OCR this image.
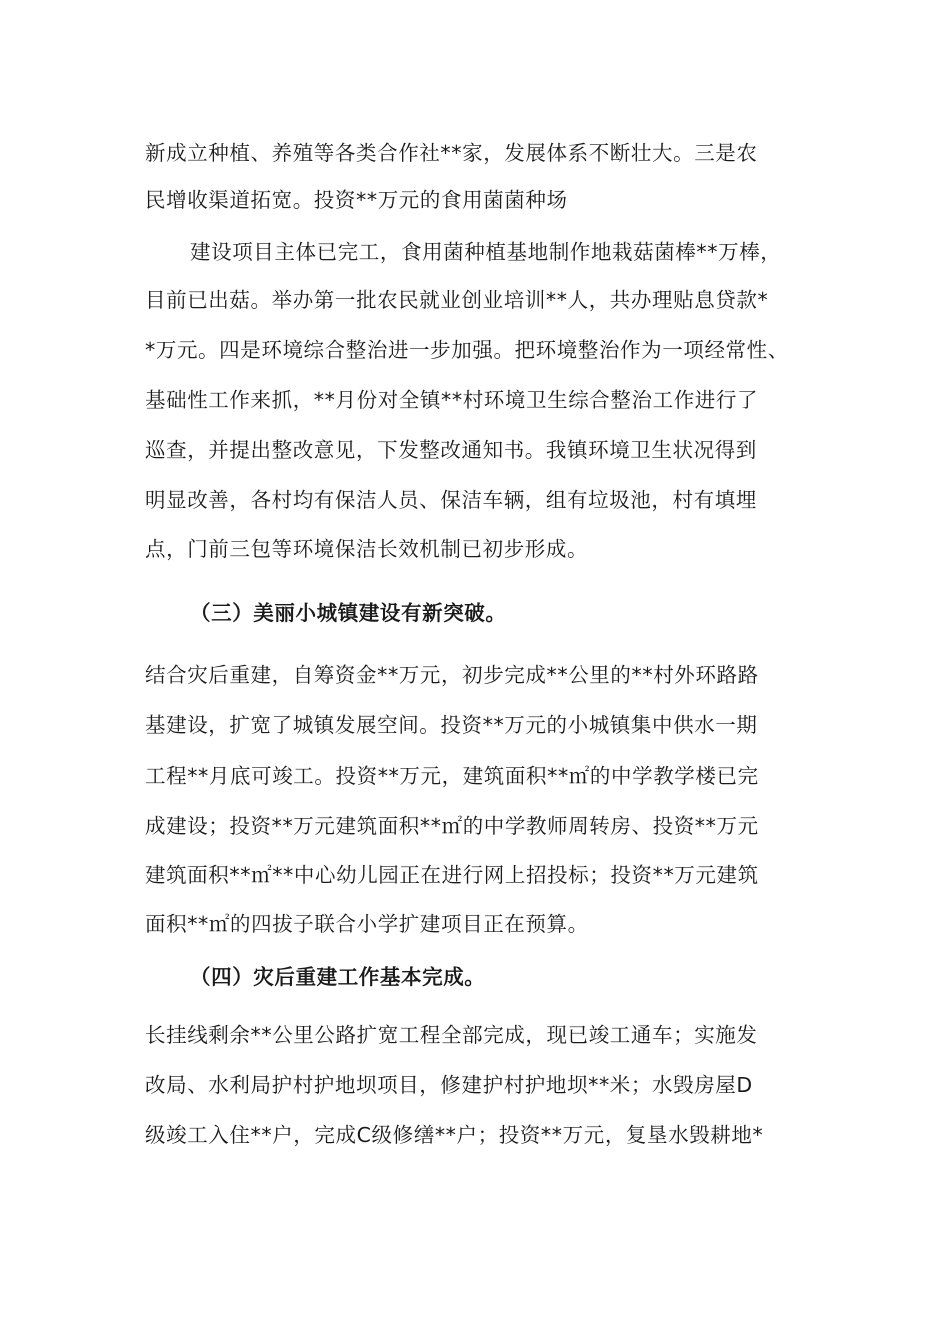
新成立种植、养殖等各类合作社**家，发展体系不断壮大。三是农
民增收渠道拓宽。投资**万元的食用菌菌种场
建设项目主体已完工，食用菌种植基地制作地栽菇菌棒**万棒，
目前已出菇。举办第一批农民就业创业培训**人，共办理贴息贷款*
*万元。四是环境综合整治进一步加强。把环境整治作为一项经常性、
基础性工作来抓，**月份对全镇**村环境卫生综合整治工作进行了
巡查，并提出整改意见，下发整改通知书。我镇环境卫生状况得到
明显改善，各村均有保洁人员、保洁车辆，组有垃圾池，村有填埋
点，门前三包等环境保洁长效机制已初步形成。
（三）美丽小城镇建设有新突破。
结合灾后重建，自筹资金**万元，初步完成**公里的**村外环路路
基建设，扩宽了城镇发展空间。投资**万元的小城镇集中供水一期
工程**月底可竣工。投资**万元，建筑面积**㎡的中学教学楼已完
成建设；投资**万元建筑面积**㎡的中学教师周转房、投资**万元
建筑面积**㎡**中心幼儿园正在进行网上招投标；投资**万元建筑
面积**㎡的四拔子联合小学扩建项目正在预算。
（四）灾后重建工作基本完成。
长挂线剩余**公里公路扩宽工程全部完成，现已竣工通车；实施发
改局、水利局护村护地坝项目，修建护村护地坝**米；水毁房屋D
级竣工入住**户，完成C级修缮**户；投资**万元，复垦水毁耕地*
